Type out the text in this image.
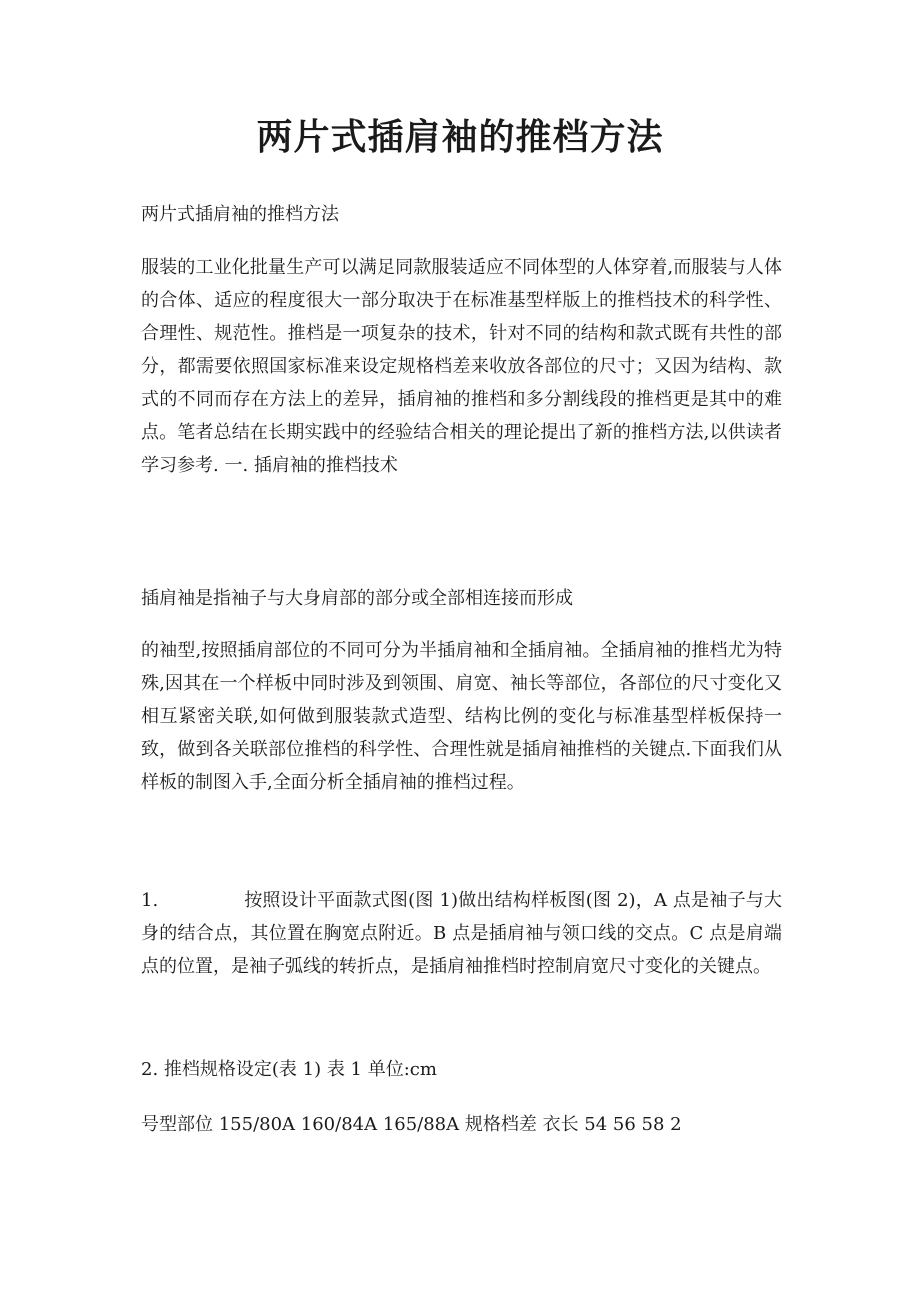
两片式插肩袖的推档方法

两片式插肩袖的推档方法

服装的工业化批量生产可以满足同款服装适应不同体型的人体穿着,而服装与人体的合体、适应的程度很大一部分取决于在标准基型样版上的推档技术的科学性、合理性、规范性。推档是一项复杂的技术，针对不同的结构和款式既有共性的部分，都需要依照国家标准来设定规格档差来收放各部位的尺寸；又因为结构、款式的不同而存在方法上的差异，插肩袖的推档和多分割线段的推档更是其中的难点。笔者总结在长期实践中的经验结合相关的理论提出了新的推档方法,以供读者学习参考. 一. 插肩袖的推档技术

插肩袖是指袖子与大身肩部的部分或全部相连接而形成

的袖型,按照插肩部位的不同可分为半插肩袖和全插肩袖。全插肩袖的推档尤为特殊,因其在一个样板中同时涉及到领围、肩宽、袖长等部位，各部位的尺寸变化又相互紧密关联,如何做到服装款式造型、结构比例的变化与标准基型样板保持一致，做到各关联部位推档的科学性、合理性就是插肩袖推档的关键点.下面我们从样板的制图入手,全面分析全插肩袖的推档过程。

1.	按照设计平面款式图(图 1)做出结构样板图(图 2)，A 点是袖子与大身的结合点，其位置在胸宽点附近。B 点是插肩袖与领口线的交点。C 点是肩端点的位置，是袖子弧线的转折点，是插肩袖推档时控制肩宽尺寸变化的关键点。

2. 推档规格设定(表 1) 表 1 单位:cm

号型部位 155/80A 160/84A 165/88A 规格档差 衣长 54 56 58 2
